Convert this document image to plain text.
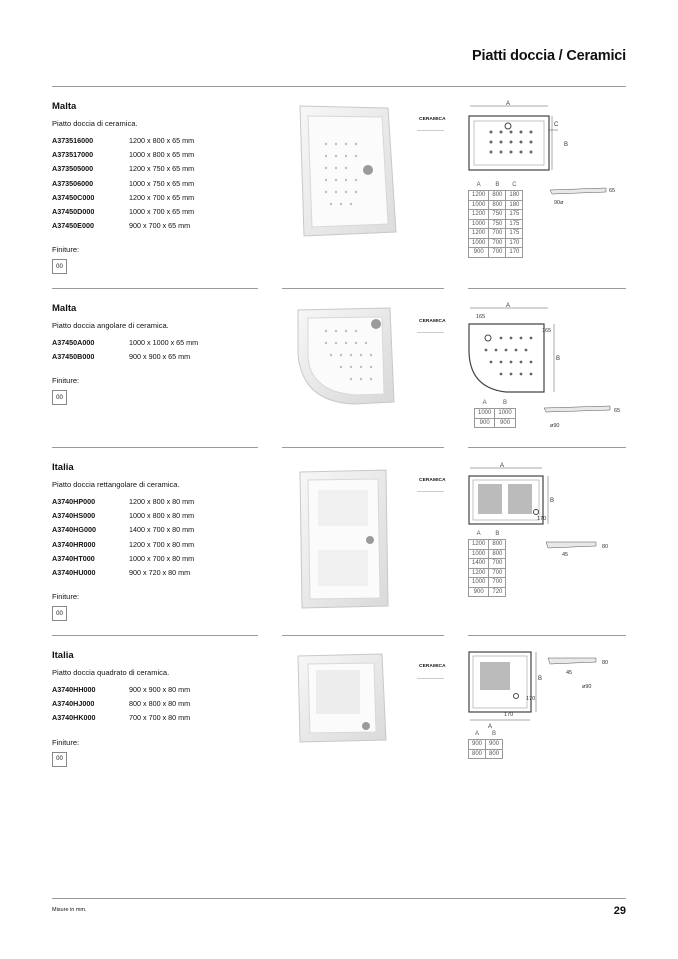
Piatti doccia / Ceramici
Malta
Piatto doccia di ceramica.
A373516000	1200 x 800 x 65 mm
A373517000	1000 x 800 x 65 mm
A373505000	1200 x 750 x 65 mm
A373506000	1000 x 750 x 65 mm
A37450C000	1200 x 700 x 65 mm
A37450D000	1000 x 700 x 65 mm
A37450E000	900 x 700 x 65 mm
Finiture:
00
CERAMICA
A
B
C
65
90ø
A	B	C
1200	800	180
1000	800	180
1200	750	175
1000	750	175
1200	700	175
1000	700	170
900	700	170
Malta
Piatto doccia angolare di ceramica.
A37450A000	1000 x 1000 x 65 mm
A37450B000	900 x 900 x 65 mm
Finiture:
00
CERAMICA
A
165
165
B
65
ø90
A	B
1000	1000
900	900
Italia
Piatto doccia rettangolare di ceramica.
A3740HP000	1200 x 800 x 80 mm
A3740HS000	1000 x 800 x 80 mm
A3740HG000	1400 x 700 x 80 mm
A3740HR000	1200 x 700 x 80 mm
A3740HT000	1000 x 700 x 80 mm
A3740HU000	900 x 720 x 80 mm
Finiture:
00
CERAMICA
A
B
170
80
45
A	B
1200	800
1000	800
1400	700
1200	700
1000	700
900	720
Italia
Piatto doccia quadrato di ceramica.
A3740HH000	900 x 900 x 80 mm
A3740HJ000	800 x 800 x 80 mm
A3740HK000	700 x 700 x 80 mm
Finiture:
00
CERAMICA
B
170
170
A
80
45
ø90
A	B
900	900
800	800
Misure in mm.	29
